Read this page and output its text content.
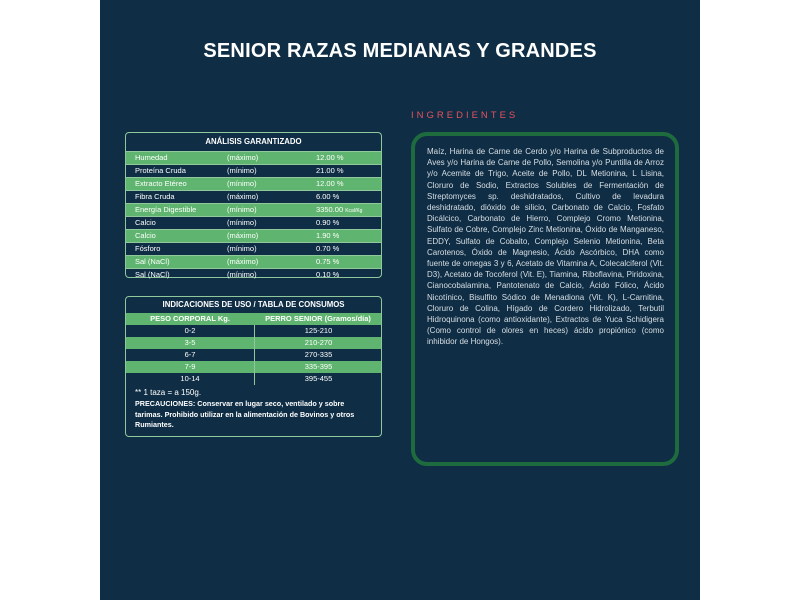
SENIOR RAZAS MEDIANAS Y GRANDES
ANÁLISIS GARANTIZADO
Humedad	(máximo)	12.00 %
Proteína Cruda	(mínimo)	21.00 %
Extracto Etéreo	(mínimo)	12.00 %
Fibra Cruda	(máximo)	6.00 %
Energía Digestible	(mínimo)	3350.00 Kcal/Kg
Calcio	(mínimo)	0.90 %
Calcio	(máximo)	1.90 %
Fósforo	(mínimo)	0.70 %
Sal (NaCl)	(máximo)	0.75 %
Sal (NaCl)	(mínimo)	0.10 %
INDICACIONES DE USO / TABLA DE CONSUMOS
PESO CORPORAL Kg.	PERRO SENIOR (Gramos/día)
0-2	125-210
3-5	210-270
6-7	270-335
7-9	335-395
10-14	395-455
** 1 taza = a 150g.
PRECAUCIONES: Conservar en lugar seco, ventilado y sobre tarimas. Prohibido utilizar en la alimentación de Bovinos y otros Rumiantes.
INGREDIENTES
Maíz, Harina de Carne de Cerdo y/o Harina de Subproductos de Aves y/o Harina de Carne de Pollo, Semolina y/o Puntilla de Arroz y/o Acemite de Trigo, Aceite de Pollo, DL Metionina, L Lisina, Cloruro de Sodio, Extractos Solubles de Fermentación de Streptomyces sp. deshidratados, Cultivo de levadura deshidratado, dióxido de silicio, Carbonato de Calcio, Fosfato Dicálcico, Carbonato de Hierro, Complejo Cromo Metionina, Sulfato de Cobre, Complejo Zinc Metionina, Óxido de Manganeso, EDDY, Sulfato de Cobalto, Complejo Selenio Metionina, Beta Carotenos, Óxido de Magnesio, Ácido Ascórbico, DHA como fuente de omegas 3 y 6, Acetato de Vitamina A, Colecalciferol (Vit. D3), Acetato de Tocoferol (Vit. E), Tiamina, Riboflavina, Piridoxina, Cianocobalamina, Pantotenato de Calcio, Ácido Fólico, Ácido Nicotínico, Bisulfito Sódico de Menadiona (Vit. K), L-Carnitina, Cloruro de Colina, Hígado de Cordero Hidrolizado, Terbutil Hidroquinona (como antioxidante), Extractos de Yuca Schidigera (Como control de olores en heces) ácido propiónico (como inhibidor de Hongos).
